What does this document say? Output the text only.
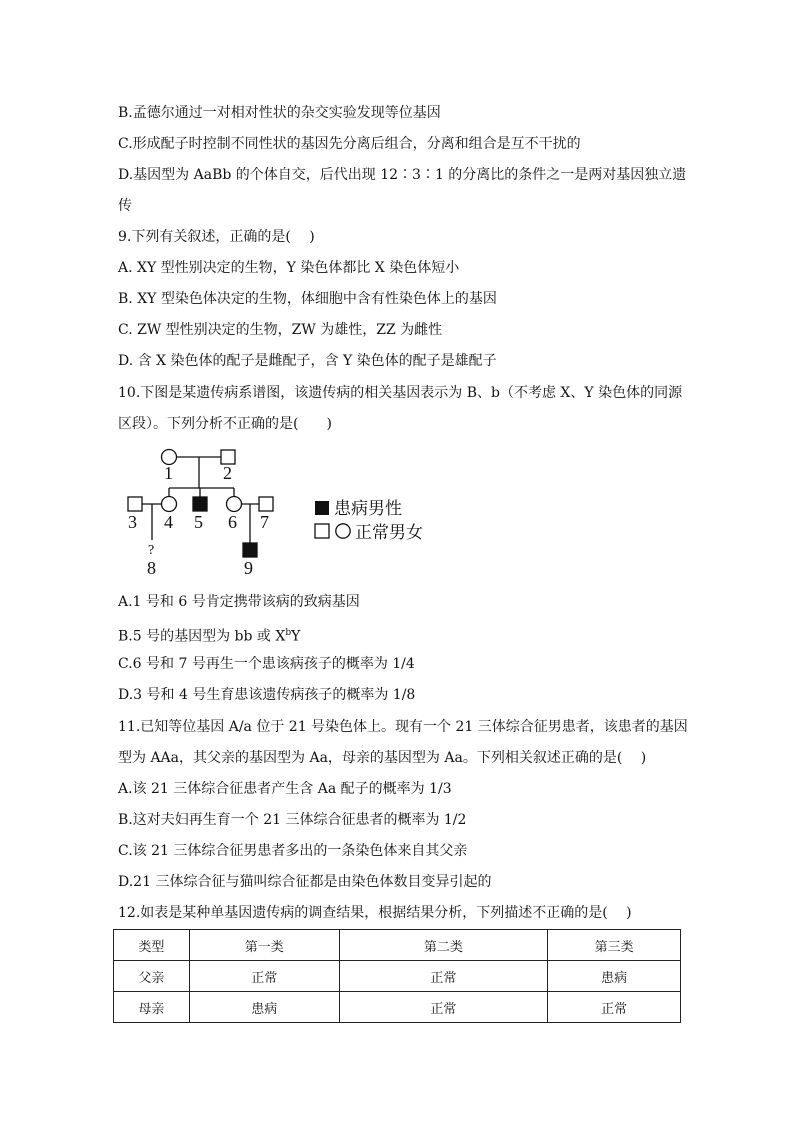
B.孟德尔通过一对相对性状的杂交实验发现等位基因
C.形成配子时控制不同性状的基因先分离后组合，分离和组合是互不干扰的
D.基因型为 AaBb 的个体自交，后代出现 12∶3∶1 的分离比的条件之一是两对基因独立遗
传
9.下列有关叙述，正确的是(　 )
A. XY 型性别决定的生物，Y 染色体都比 X 染色体短小
B. XY 型染色体决定的生物，体细胞中含有性染色体上的基因
C. ZW 型性别决定的生物，ZW 为雄性，ZZ 为雌性
D. 含 X 染色体的配子是雌配子，含 Y 染色体的配子是雄配子
10.下图是某遗传病系谱图，该遗传病的相关基因表示为 B、b（不考虑 X、Y 染色体的同源
区段）。下列分析不正确的是(　　)
1	2
3 4 5 6 7
?
8	9
患病男性
正常男女
A.1 号和 6 号肯定携带该病的致病基因
B.5 号的基因型为 bb 或 $X^bY$
C.6 号和 7 号再生一个患该病孩子的概率为 1/4
D.3 号和 4 号生育患该遗传病孩子的概率为 1/8
11.已知等位基因 A/a 位于 21 号染色体上。现有一个 21 三体综合征男患者，该患者的基因
型为 AAa，其父亲的基因型为 Aa，母亲的基因型为 Aa。下列相关叙述正确的是(　 )
A.该 21 三体综合征患者产生含 Aa 配子的概率为 1/3
B.这对夫妇再生育一个 21 三体综合征患者的概率为 1/2
C.该 21 三体综合征男患者多出的一条染色体来自其父亲
D.21 三体综合征与猫叫综合征都是由染色体数目变异引起的
12.如表是某种单基因遗传病的调查结果，根据结果分析，下列描述不正确的是(　 )
类型	第一类	第二类	第三类
父亲	正常	正常	患病
母亲	患病	正常	正常
